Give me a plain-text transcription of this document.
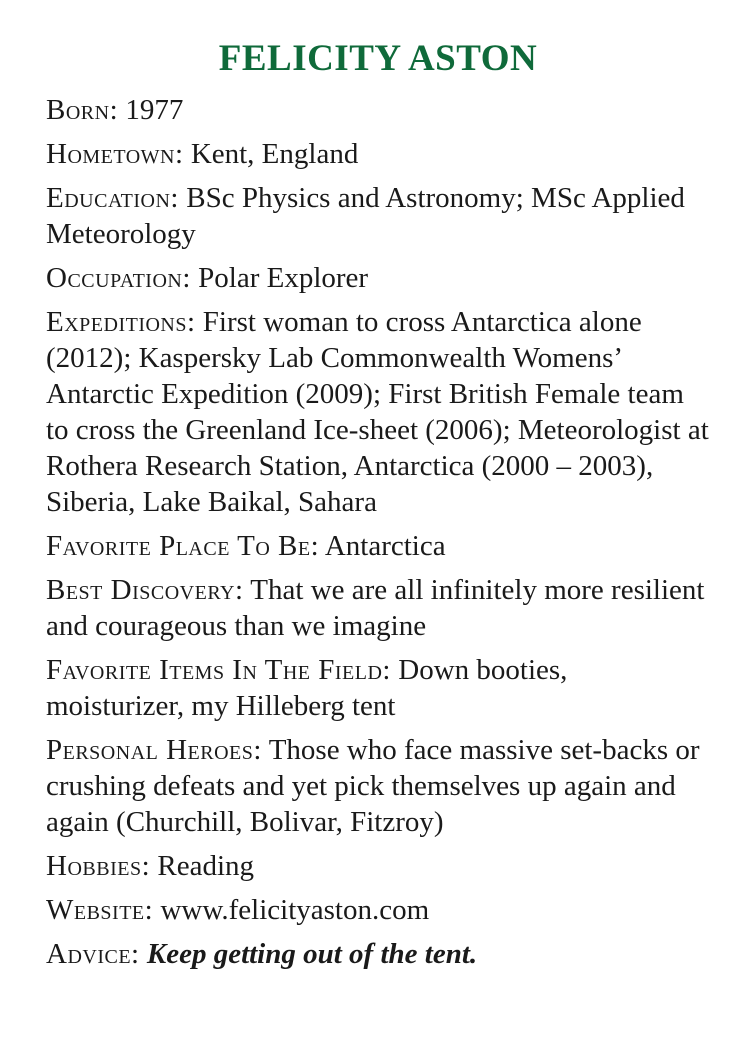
FELICITY ASTON

Born: 1977

Hometown: Kent, England

Education: BSc Physics and Astronomy; MSc Applied Meteorology

Occupation: Polar Explorer

Expeditions: First woman to cross Antarctica alone (2012); Kaspersky Lab Commonwealth Womens’ Antarctic Expedition (2009); First British Female team to cross the Greenland Ice-sheet (2006); Meteorologist at Rothera Research Station, Antarctica (2000 – 2003), Siberia, Lake Baikal, Sahara

Favorite Place To Be: Antarctica

Best Discovery: That we are all infinitely more resilient and courageous than we imagine

Favorite Items In The Field: Down booties, moisturizer, my Hilleberg tent

Personal Heroes: Those who face massive set-backs or crushing defeats and yet pick themselves up again and again (Churchill, Bolivar, Fitzroy)

Hobbies: Reading

Website: www.felicityaston.com

Advice: Keep getting out of the tent.
